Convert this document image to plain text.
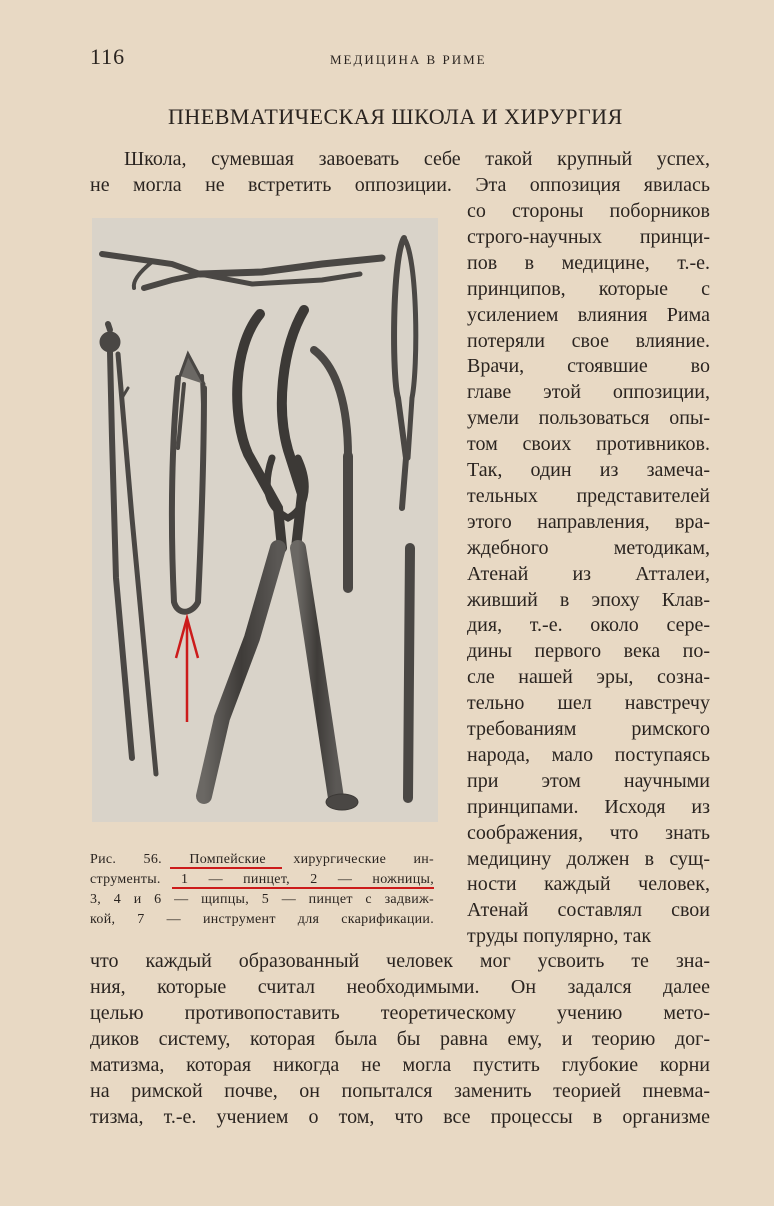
116	МЕДИЦИНА В РИМЕ
ПНЕВМАТИЧЕСКАЯ ШКОЛА И ХИРУРГИЯ
Школа, сумевшая завоевать себе такой крупный успех,
не могла не встретить оппозиции. Эта оппозиция явилась
Рис. 56. Помпейские хирургические ин-
струменты. 1 — пинцет, 2 — ножницы,
3, 4 и 6 — щипцы, 5 — пинцет с задвиж-
кой, 7 — инструмент для скарификации.
со стороны поборников
строго-научных принци-
пов в медицине, т.-е.
принципов, которые с
усилением влияния Рима
потеряли свое влияние.
Врачи, стоявшие во
главе этой оппозиции,
умели пользоваться опы-
том своих противников.
Так, один из замеча-
тельных представителей
этого направления, вра-
ждебного методикам,
Атенай из Атталеи,
живший в эпоху Клав-
дия, т.-е. около сере-
дины первого века по-
сле нашей эры, созна-
тельно шел навстречу
требованиям римского
народа, мало поступаясь
при этом научными
принципами. Исходя из
соображения, что знать
медицину должен в сущ-
ности каждый человек,
Атенай составлял свои
труды популярно, так
что каждый образованный человек мог усвоить те зна-
ния, которые считал необходимыми. Он задался далее
целью противопоставить теоретическому учению мето-
диков систему, которая была бы равна ему, и теорию дог-
матизма, которая никогда не могла пустить глубокие корни
на римской почве, он попытался заменить теорией пневма-
тизма, т.-е. учением о том, что все процессы в организме
